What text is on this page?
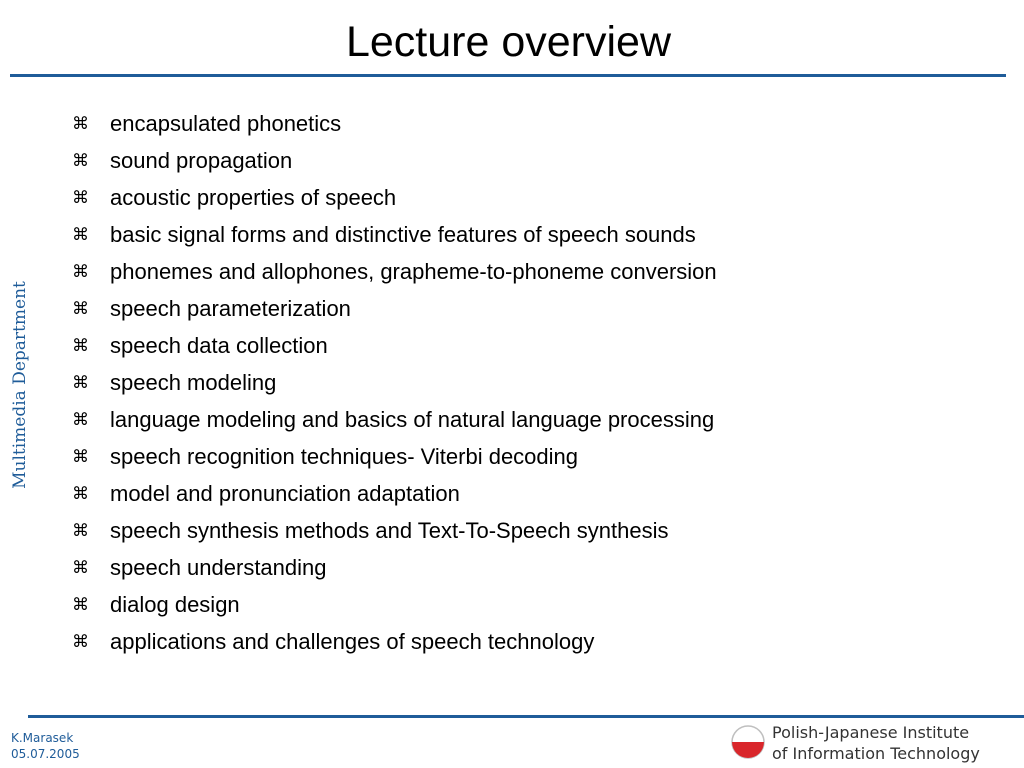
Lecture overview
Multimedia Department
⌘ encapsulated phonetics
⌘ sound propagation
⌘ acoustic properties of speech
⌘ basic signal forms and distinctive features of speech sounds
⌘ phonemes and allophones, grapheme-to-phoneme conversion
⌘ speech parameterization
⌘ speech data collection
⌘ speech modeling
⌘ language modeling and basics of natural language processing
⌘ speech recognition techniques- Viterbi decoding
⌘ model and pronunciation adaptation
⌘ speech synthesis methods and Text-To-Speech synthesis
⌘ speech understanding
⌘ dialog design
⌘ applications and challenges of speech technology
K.Marasek
05.07.2005
Polish-Japanese Institute
of Information Technology
